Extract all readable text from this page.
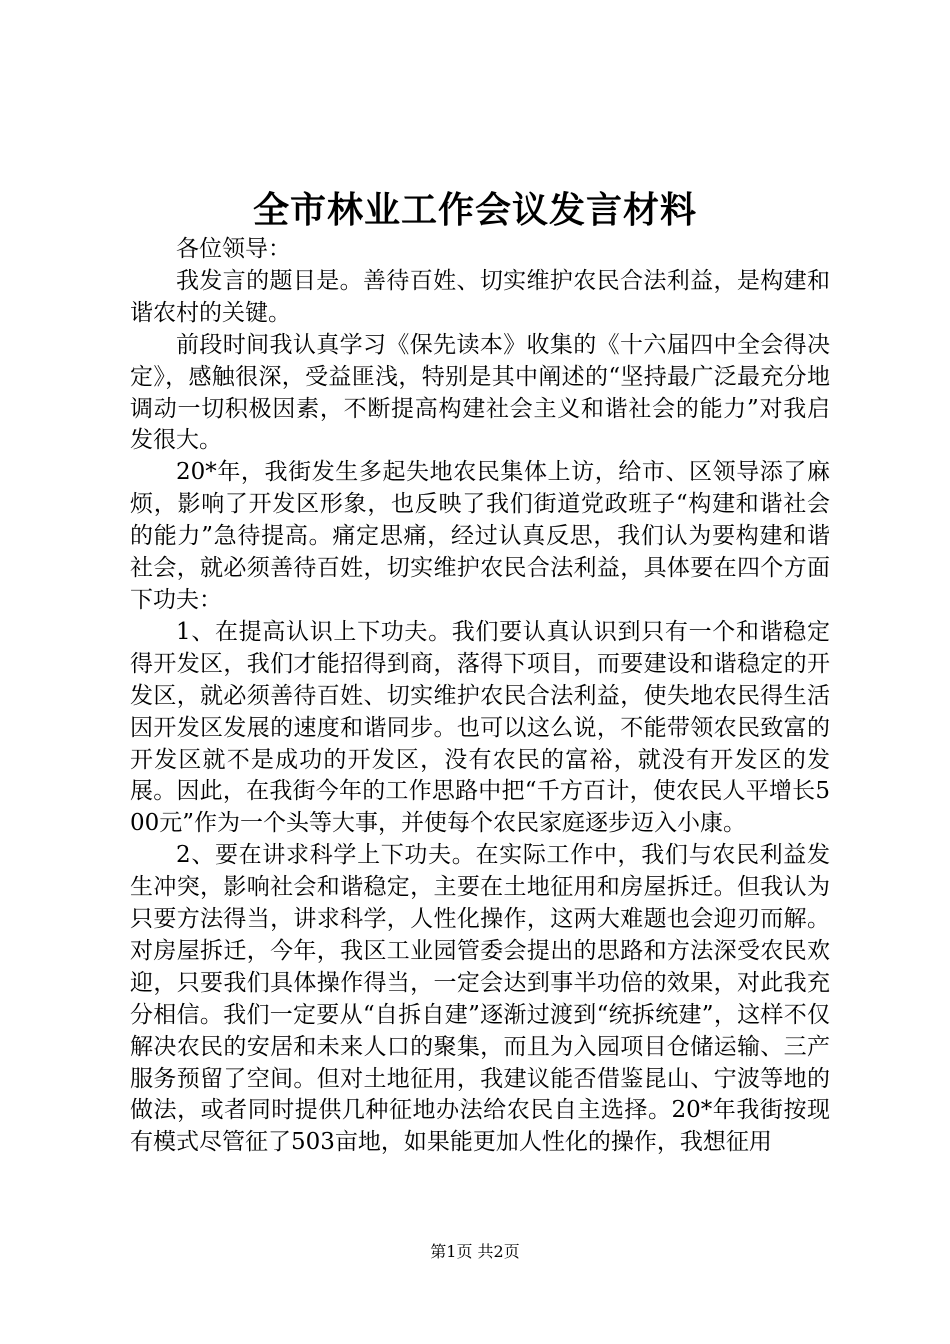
全市林业工作会议发言材料

各位领导：

我发言的题目是。善待百姓、切实维护农民合法利益，是构建和谐农村的关键。

前段时间我认真学习《保先读本》收集的《十六届四中全会得决定》，感触很深，受益匪浅，特别是其中阐述的“坚持最广泛最充分地调动一切积极因素，不断提高构建社会主义和谐社会的能力”对我启发很大。

20*年，我街发生多起失地农民集体上访，给市、区领导添了麻烦，影响了开发区形象，也反映了我们街道党政班子“构建和谐社会的能力”急待提高。痛定思痛，经过认真反思，我们认为要构建和谐社会，就必须善待百姓，切实维护农民合法利益，具体要在四个方面下功夫：

1、在提高认识上下功夫。我们要认真认识到只有一个和谐稳定得开发区，我们才能招得到商，落得下项目，而要建设和谐稳定的开发区，就必须善待百姓、切实维护农民合法利益，使失地农民得生活因开发区发展的速度和谐同步。也可以这么说，不能带领农民致富的开发区就不是成功的开发区，没有农民的富裕，就没有开发区的发展。因此，在我街今年的工作思路中把“千方百计，使农民人平增长500元”作为一个头等大事，并使每个农民家庭逐步迈入小康。

2、要在讲求科学上下功夫。在实际工作中，我们与农民利益发生冲突，影响社会和谐稳定，主要在土地征用和房屋拆迁。但我认为只要方法得当，讲求科学，人性化操作，这两大难题也会迎刃而解。对房屋拆迁，今年，我区工业园管委会提出的思路和方法深受农民欢迎，只要我们具体操作得当，一定会达到事半功倍的效果，对此我充分相信。我们一定要从“自拆自建”逐渐过渡到“统拆统建”，这样不仅解决农民的安居和未来人口的聚集，而且为入园项目仓储运输、三产服务预留了空间。但对土地征用，我建议能否借鉴昆山、宁波等地的做法，或者同时提供几种征地办法给农民自主选择。20*年我街按现有模式尽管征了503亩地，如果能更加人性化的操作，我想征用

第1页 共2页
